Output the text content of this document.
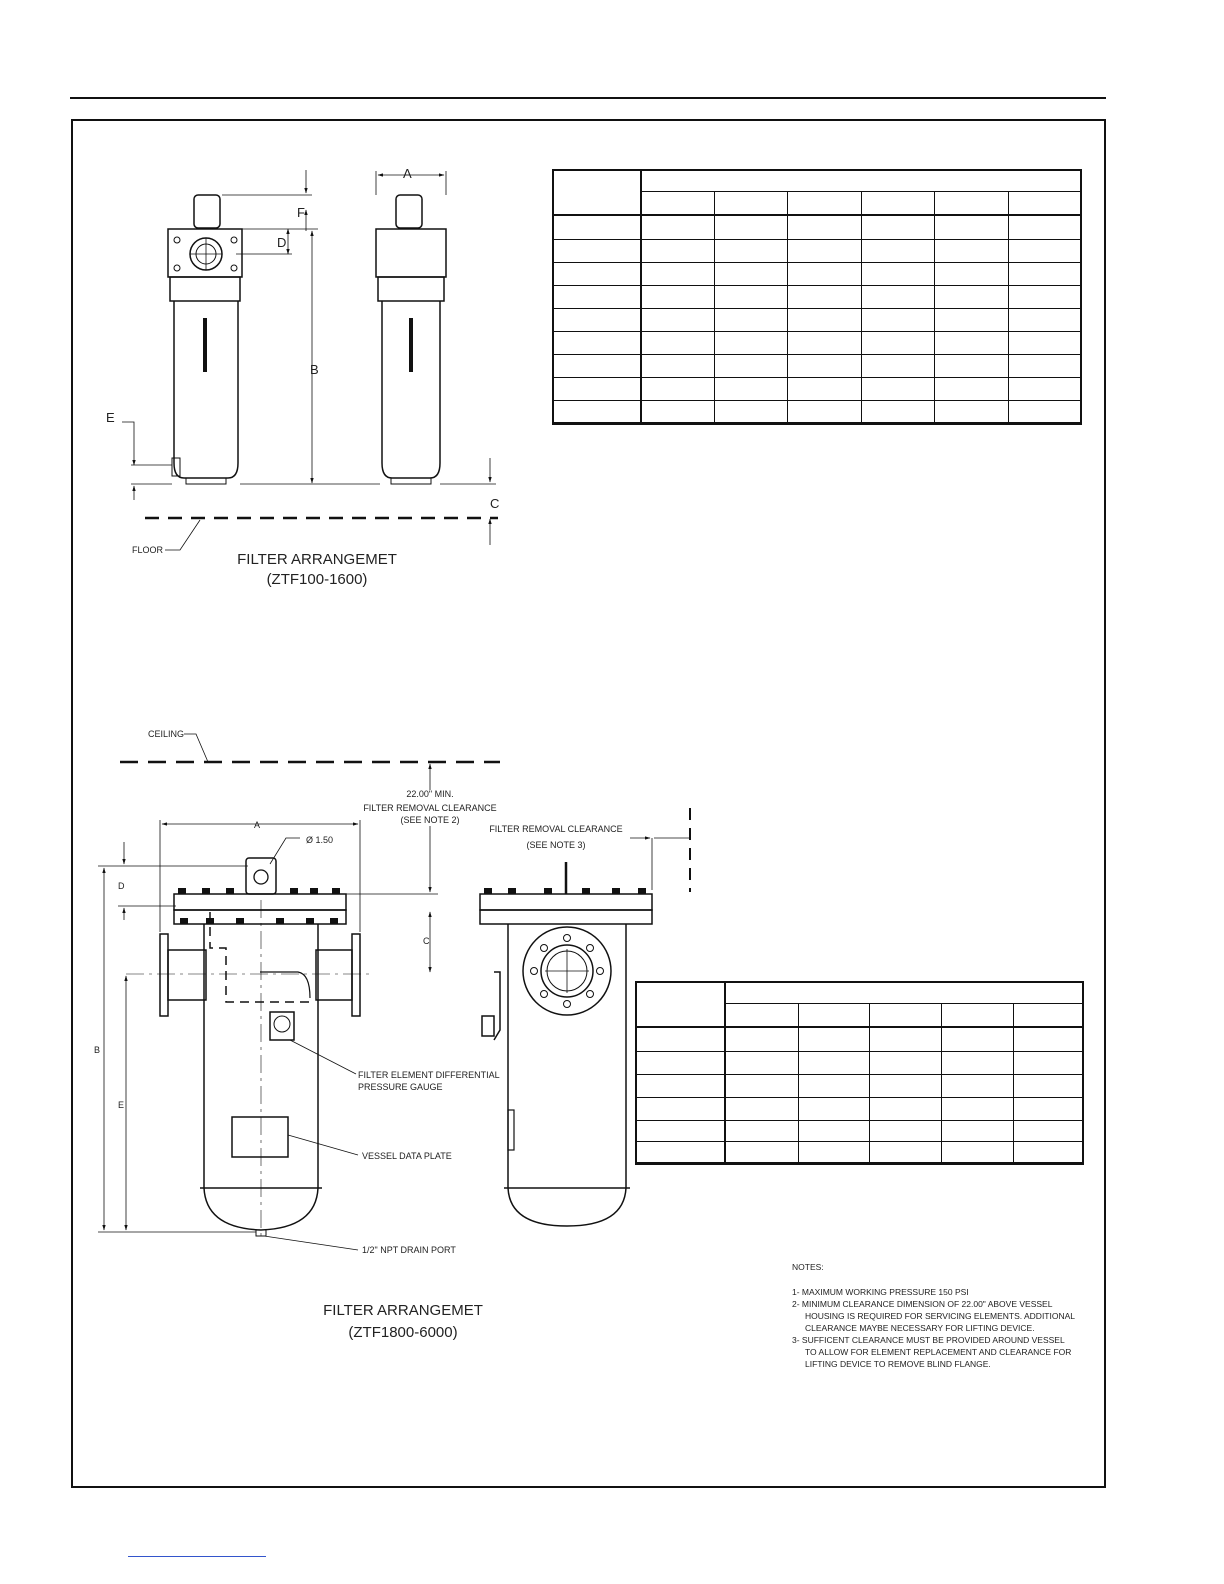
A
B
C
D
E
F
FLOOR
FILTER ARRANGEMET
(ZTF100-1600)
CEILING
22.00" MIN.
FILTER REMOVAL CLEARANCE
(SEE NOTE 2)
FILTER REMOVAL CLEARANCE
(SEE NOTE 3)
Ø 1.50
A
B
C
D
E
FILTER ELEMENT DIFFERENTIAL
PRESSURE GAUGE
VESSEL DATA PLATE
1/2" NPT DRAIN PORT
FILTER ARRANGEMET
(ZTF1800-6000)
NOTES:
1- MAXIMUM WORKING PRESSURE 150 PSI
2- MINIMUM CLEARANCE DIMENSION OF 22.00" ABOVE VESSEL
HOUSING IS REQUIRED FOR SERVICING ELEMENTS. ADDITIONAL
CLEARANCE MAYBE NECESSARY FOR LIFTING DEVICE.
3- SUFFICENT CLEARANCE MUST BE PROVIDED AROUND VESSEL
TO ALLOW FOR ELEMENT REPLACEMENT AND CLEARANCE FOR
LIFTING DEVICE TO REMOVE BLIND FLANGE.
